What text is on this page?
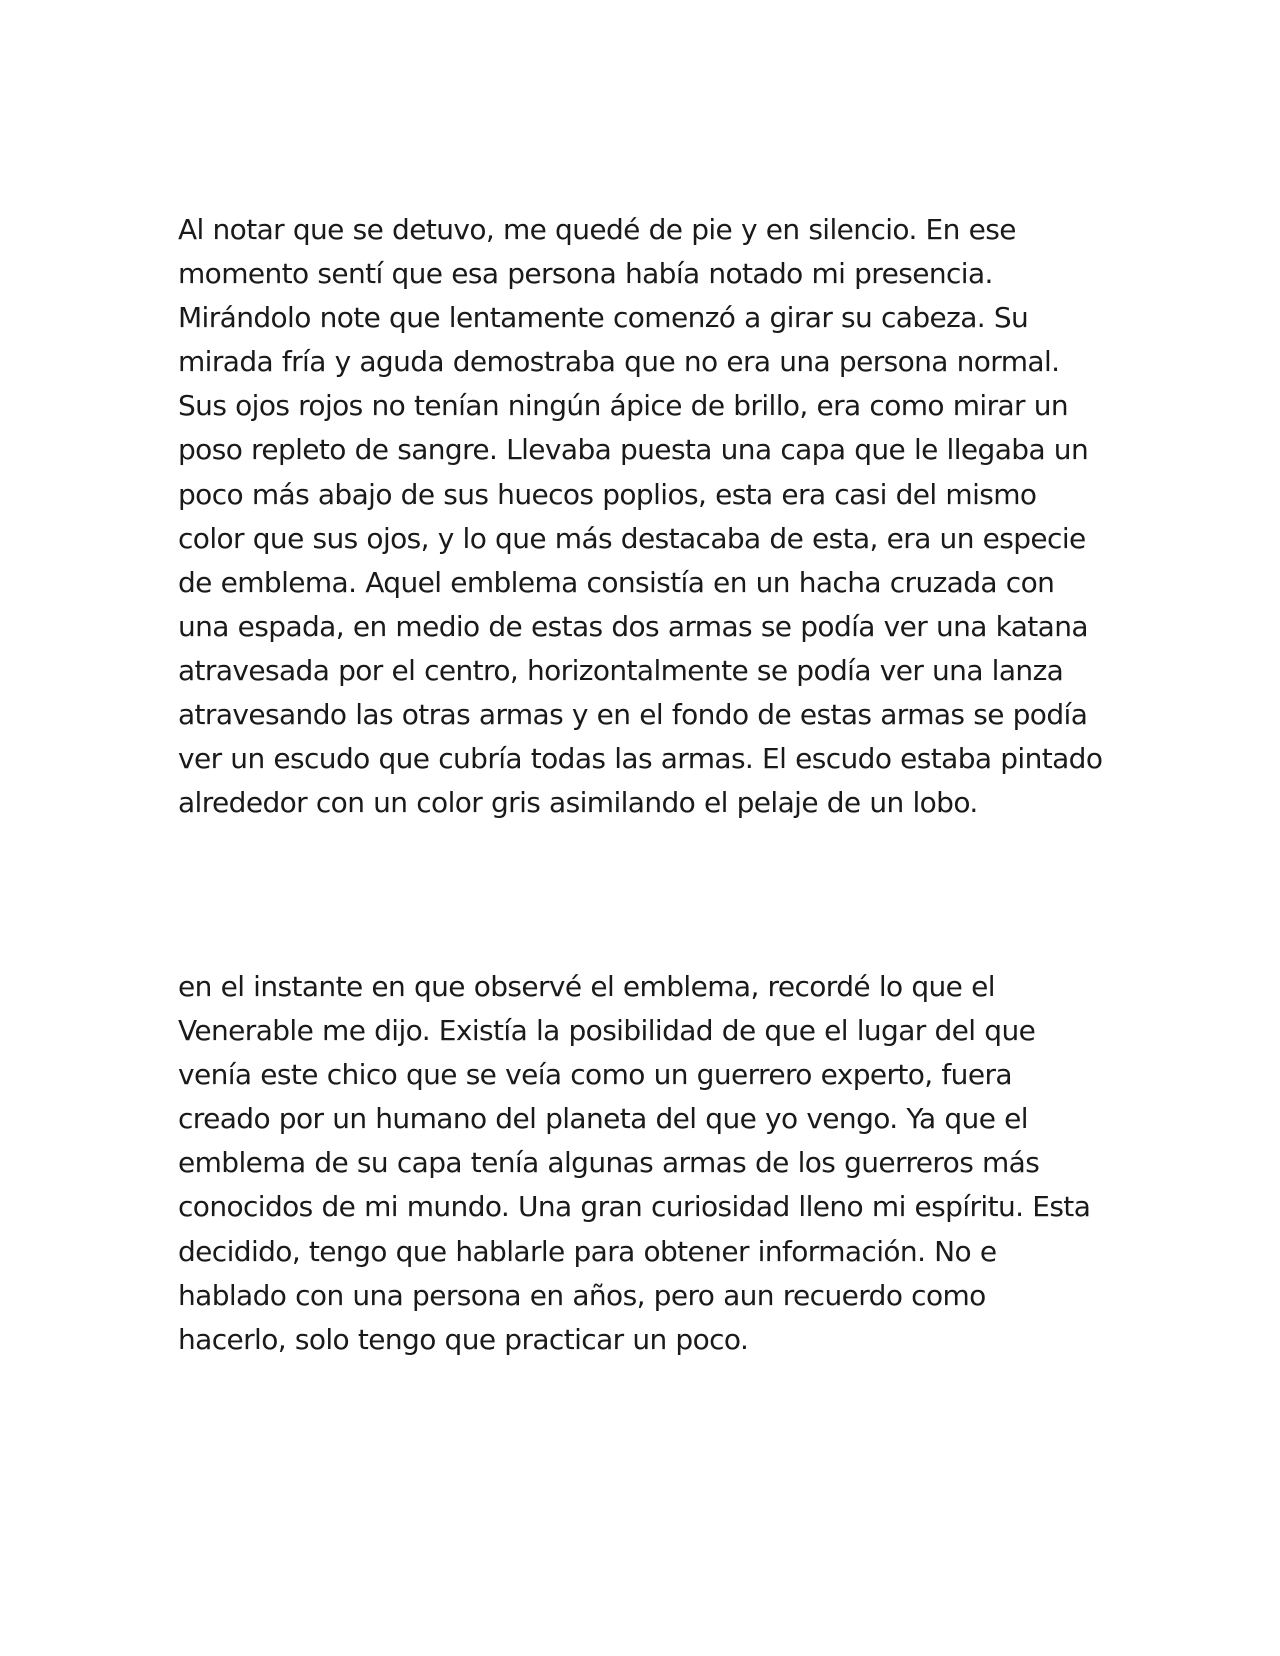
Al notar que se detuvo, me quedé de pie y en silencio. En ese
momento sentí que esa persona había notado mi presencia.
Mirándolo note que lentamente comenzó a girar su cabeza. Su
mirada fría y aguda demostraba que no era una persona normal.
Sus ojos rojos no tenían ningún ápice de brillo, era como mirar un
poso repleto de sangre. Llevaba puesta una capa que le llegaba un
poco más abajo de sus huecos poplios, esta era casi del mismo
color que sus ojos, y lo que más destacaba de esta, era un especie
de emblema. Aquel emblema consistía en un hacha cruzada con
una espada, en medio de estas dos armas se podía ver una katana
atravesada por el centro, horizontalmente se podía ver una lanza
atravesando las otras armas y en el fondo de estas armas se podía
ver un escudo que cubría todas las armas. El escudo estaba pintado
alrededor con un color gris asimilando el pelaje de un lobo.

en el instante en que observé el emblema, recordé lo que el
Venerable me dijo. Existía la posibilidad de que el lugar del que
venía este chico que se veía como un guerrero experto, fuera
creado por un humano del planeta del que yo vengo. Ya que el
emblema de su capa tenía algunas armas de los guerreros más
conocidos de mi mundo. Una gran curiosidad lleno mi espíritu. Esta
decidido, tengo que hablarle para obtener información. No e
hablado con una persona en años, pero aun recuerdo como
hacerlo, solo tengo que practicar un poco.
